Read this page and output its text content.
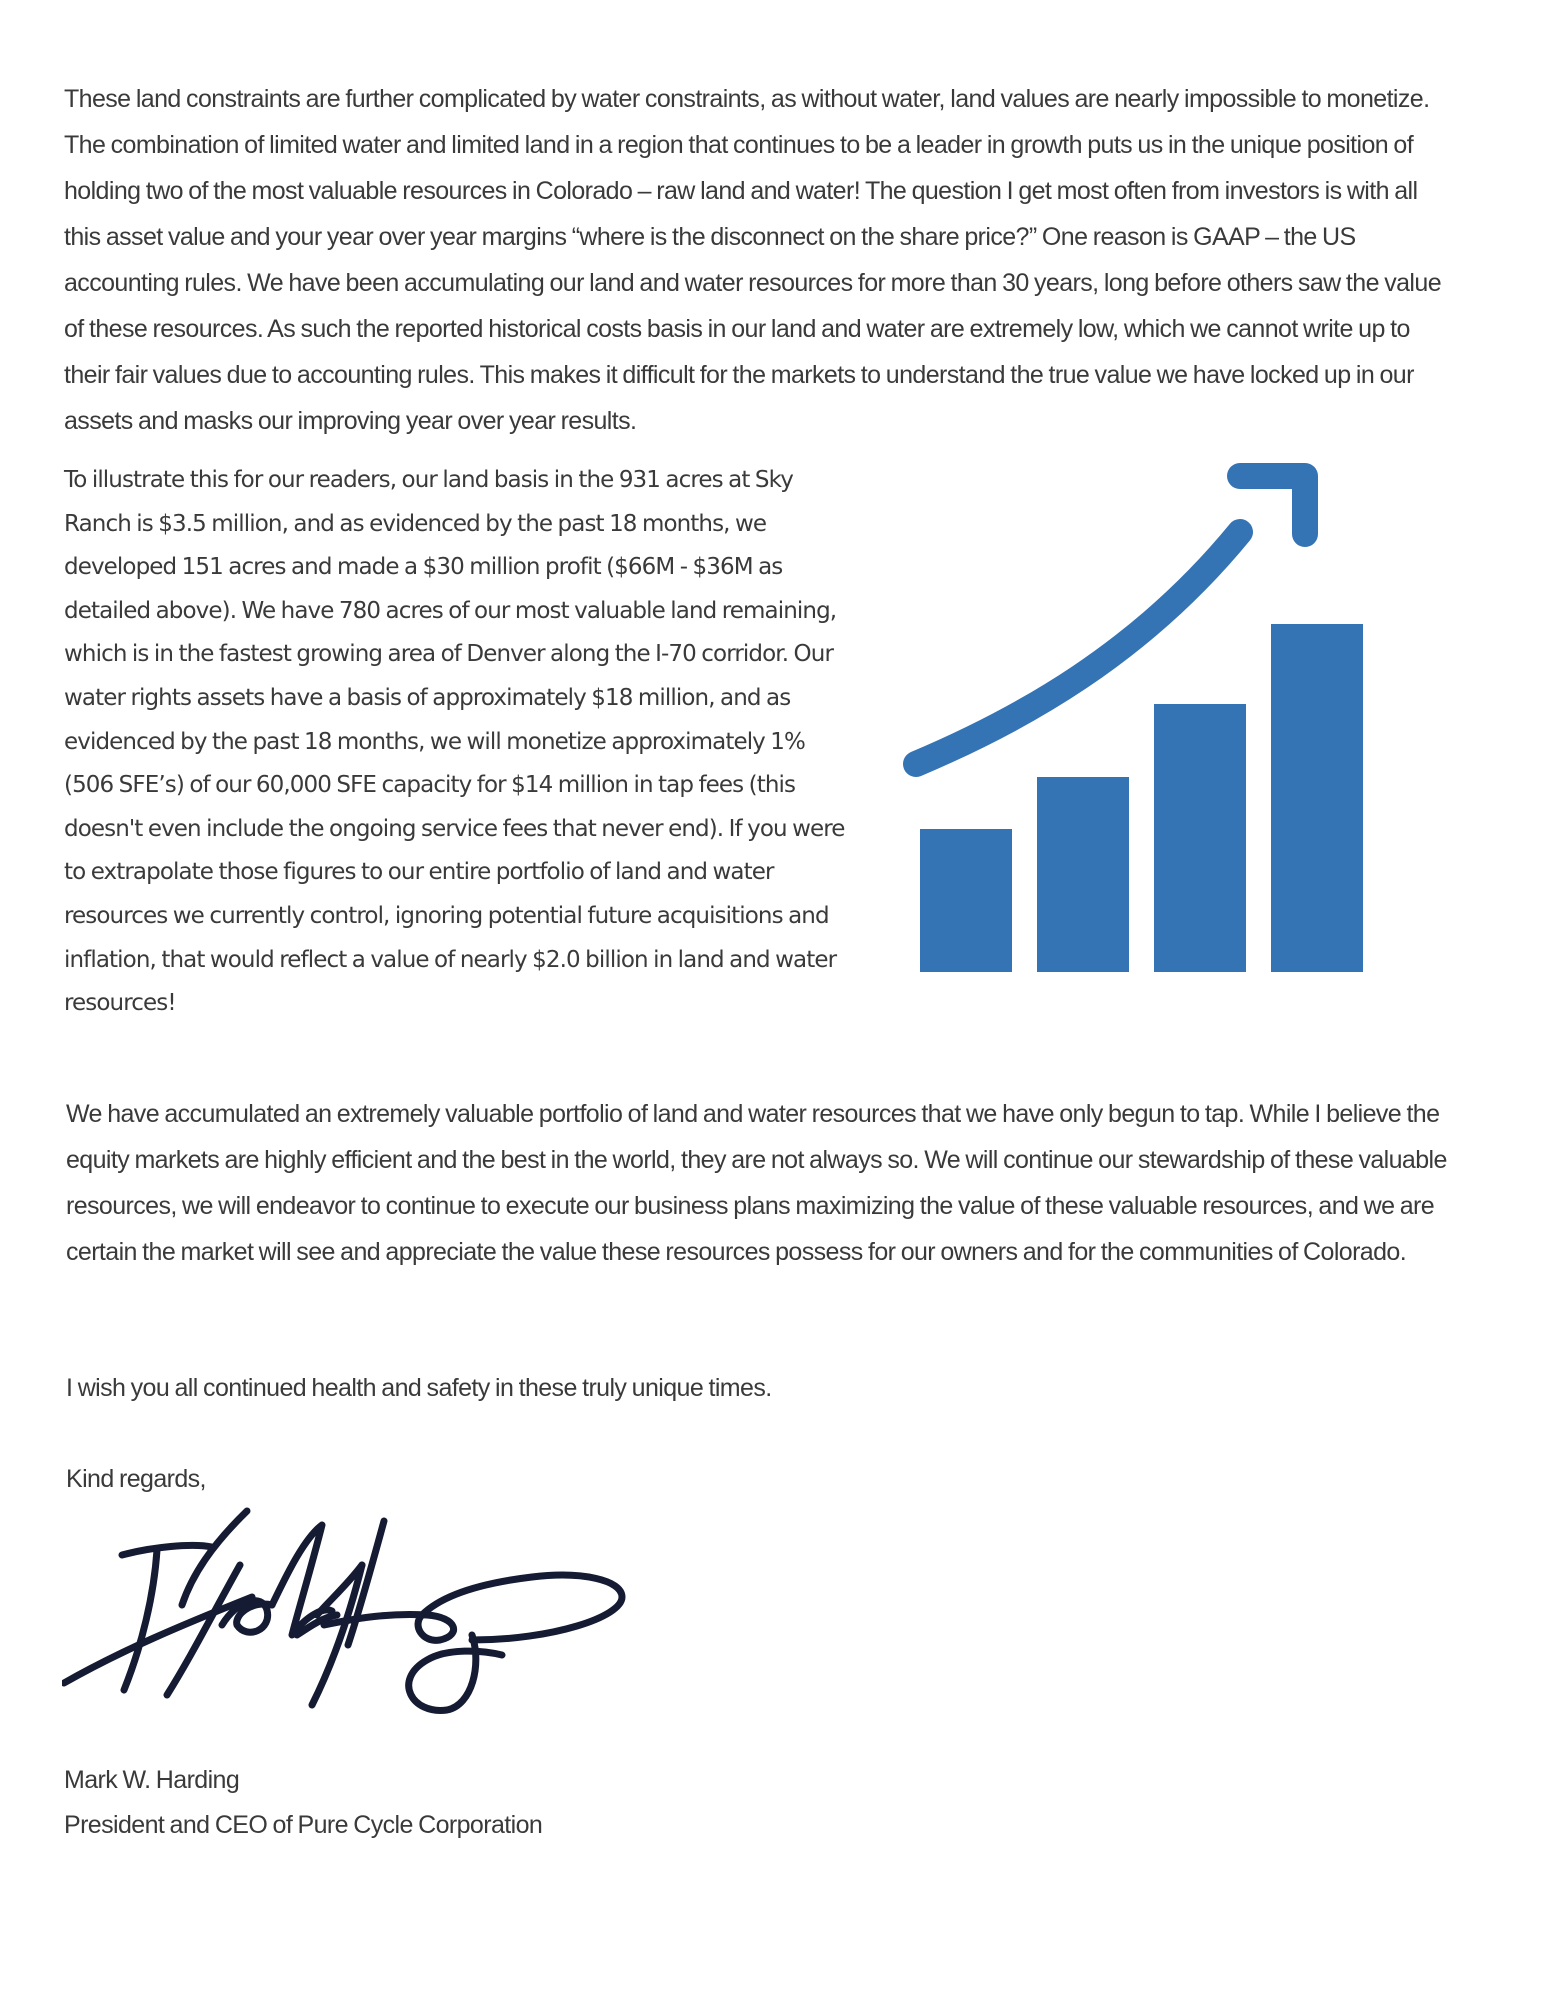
These land constraints are further complicated by water constraints, as without water, land values are nearly impossible to monetize. The combination of limited water and limited land in a region that continues to be a leader in growth puts us in the unique position of holding two of the most valuable resources in Colorado – raw land and water! The question I get most often from investors is with all this asset value and your year over year margins “where is the disconnect on the share price?” One reason is GAAP – the US accounting rules. We have been accumulating our land and water resources for more than 30 years, long before others saw the value of these resources. As such the reported historical costs basis in our land and water are extremely low, which we cannot write up to their fair values due to accounting rules. This makes it difficult for the markets to understand the true value we have locked up in our assets and masks our improving year over year results.

To illustrate this for our readers, our land basis in the 931 acres at Sky Ranch is $3.5 million, and as evidenced by the past 18 months, we developed 151 acres and made a $30 million profit ($66M - $36M as detailed above). We have 780 acres of our most valuable land remaining, which is in the fastest growing area of Denver along the I-70 corridor. Our water rights assets have a basis of approximately $18 million, and as evidenced by the past 18 months, we will monetize approximately 1% (506 SFE’s) of our 60,000 SFE capacity for $14 million in tap fees (this doesn't even include the ongoing service fees that never end). If you were to extrapolate those figures to our entire portfolio of land and water resources we currently control, ignoring potential future acquisitions and inflation, that would reflect a value of nearly $2.0 billion in land and water resources!

We have accumulated an extremely valuable portfolio of land and water resources that we have only begun to tap. While I believe the equity markets are highly efficient and the best in the world, they are not always so. We will continue our stewardship of these valuable resources, we will endeavor to continue to execute our business plans maximizing the value of these valuable resources, and we are certain the market will see and appreciate the value these resources possess for our owners and for the communities of Colorado.

I wish you all continued health and safety in these truly unique times.

Kind regards,

Mark W. Harding

President and CEO of Pure Cycle Corporation
